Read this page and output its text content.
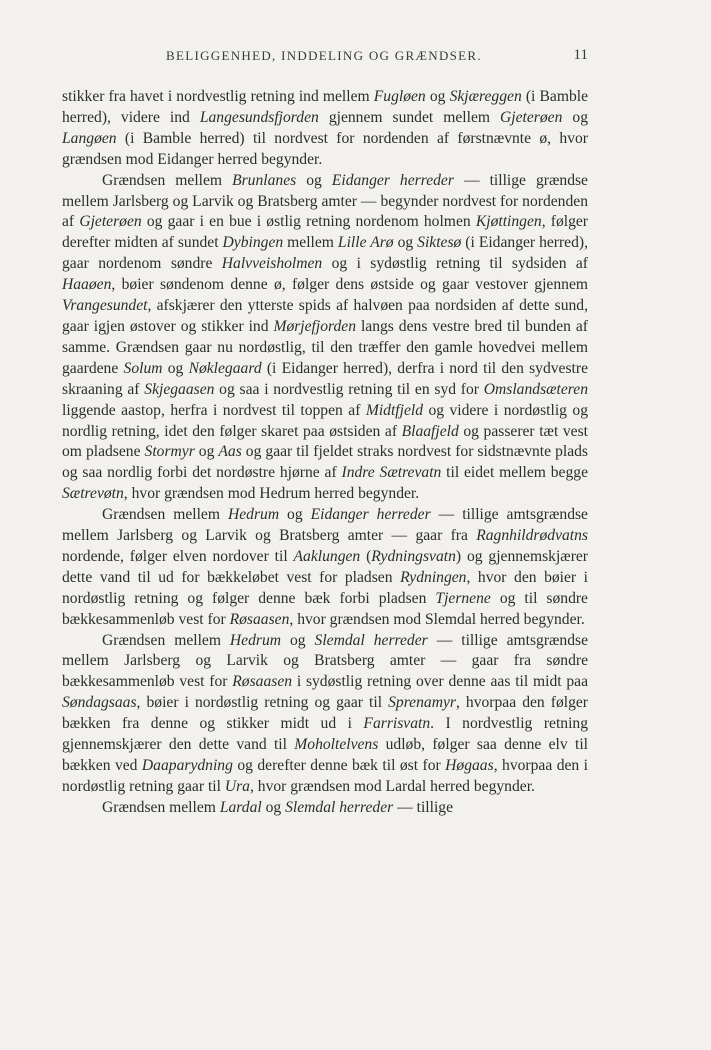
BELIGGENHED, INDDELING OG GRÆNDSER.	11

stikker fra havet i nordvestlig retning ind mellem Fugløen og Skjæreggen (i Bamble herred), videre ind Langesundsfjorden gjennem sundet mellem Gjeterøen og Langøen (i Bamble herred) til nordvest for nordenden af førstnævnte ø, hvor grændsen mod Eidanger herred begynder.

Grændsen mellem Brunlanes og Eidanger herreder — tillige grændse mellem Jarlsberg og Larvik og Bratsberg amter — begynder nordvest for nordenden af Gjeterøen og gaar i en bue i østlig retning nordenom holmen Kjøttingen, følger derefter midten af sundet Dybingen mellem Lille Arø og Siktesø (i Eidanger herred), gaar nordenom søndre Halvveisholmen og i sydøstlig retning til sydsiden af Haaøen, bøier søndenom denne ø, følger dens østside og gaar vestover gjennem Vrangesundet, afskjærer den ytterste spids af halvøen paa nordsiden af dette sund, gaar igjen østover og stikker ind Mørjefjorden langs dens vestre bred til bunden af samme. Grændsen gaar nu nordøstlig, til den træffer den gamle hovedvei mellem gaardene Solum og Nøklegaard (i Eidanger herred), derfra i nord til den sydvestre skraaning af Skjegaasen og saa i nordvestlig retning til en syd for Omslandsæteren liggende aastop, herfra i nordvest til toppen af Midtfjeld og videre i nordøstlig og nordlig retning, idet den følger skaret paa østsiden af Blaafjeld og passerer tæt vest om pladsene Stormyr og Aas og gaar til fjeldet straks nordvest for sidstnævnte plads og saa nordlig forbi det nordøstre hjørne af Indre Sætrevatn til eidet mellem begge Sætrevøtn, hvor grændsen mod Hedrum herred begynder.

Grændsen mellem Hedrum og Eidanger herreder — tillige amtsgrændse mellem Jarlsberg og Larvik og Bratsberg amter — gaar fra Ragnhildrødvatns nordende, følger elven nordover til Aaklungen (Rydningsvatn) og gjennemskjærer dette vand til ud for bækkeløbet vest for pladsen Rydningen, hvor den bøier i nordøstlig retning og følger denne bæk forbi pladsen Tjernene og til søndre bækkesammenløb vest for Røsaasen, hvor grændsen mod Slemdal herred begynder.

Grændsen mellem Hedrum og Slemdal herreder — tillige amtsgrændse mellem Jarlsberg og Larvik og Bratsberg amter — gaar fra søndre bækkesammenløb vest for Røsaasen i sydøstlig retning over denne aas til midt paa Søndagsaas, bøier i nordøstlig retning og gaar til Sprenamyr, hvorpaa den følger bækken fra denne og stikker midt ud i Farrisvatn. I nordvestlig retning gjennemskjærer den dette vand til Moholtelvens udløb, følger saa denne elv til bækken ved Daaparydning og derefter denne bæk til øst for Høgaas, hvorpaa den i nordøstlig retning gaar til Ura, hvor grændsen mod Lardal herred begynder.

Grændsen mellem Lardal og Slemdal herreder — tillige
